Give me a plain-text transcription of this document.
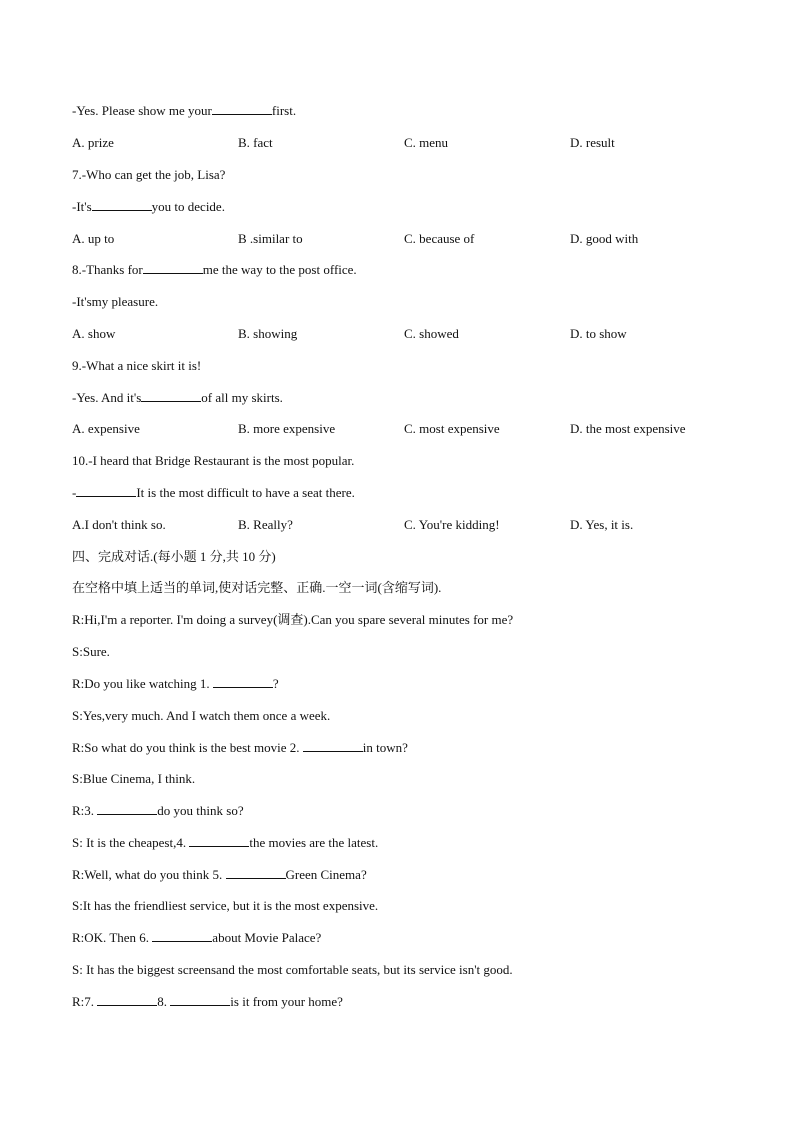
-Yes. Please show me your	first.
A. prize	B. fact	C. menu	D. result
7.-Who can get the job, Lisa?
-It's	you to decide.
A. up to	B .similar to	C. because of	D. good with
8.-Thanks for	me the way to the post office.
-It'smy pleasure.
A. show	B. showing	C. showed	D. to show
9.-What a nice skirt it is!
-Yes. And it's	of all my skirts.
A. expensive	B. more expensive	C. most expensive	D. the most expensive
10.-I heard that Bridge Restaurant is the most popular.
-	It is the most difficult to have a seat there.
A.I don't think so.	B. Really?	C. You're kidding!	D. Yes, it is.
四、完成对话.(每小题 1 分,共 10 分)
在空格中填上适当的单词,使对话完整、正确.一空一词(含缩写词).
R:Hi,I'm a reporter. I'm doing a survey(调查).Can you spare several minutes for me?
S:Sure.
R:Do you like watching 1.	?
S:Yes,very much. And I watch them once a week.
R:So what do you think is the best movie 2.	in town?
S:Blue Cinema, I think.
R:3.	do you think so?
S: It is the cheapest,4.	the movies are the latest.
R:Well, what do you think 5.	Green Cinema?
S:It has the friendliest service, but it is the most expensive.
R:OK. Then 6.	about Movie Palace?
S: It has the biggest screensand the most comfortable seats, but its service isn't good.
R:7.	8.	is it from your home?
